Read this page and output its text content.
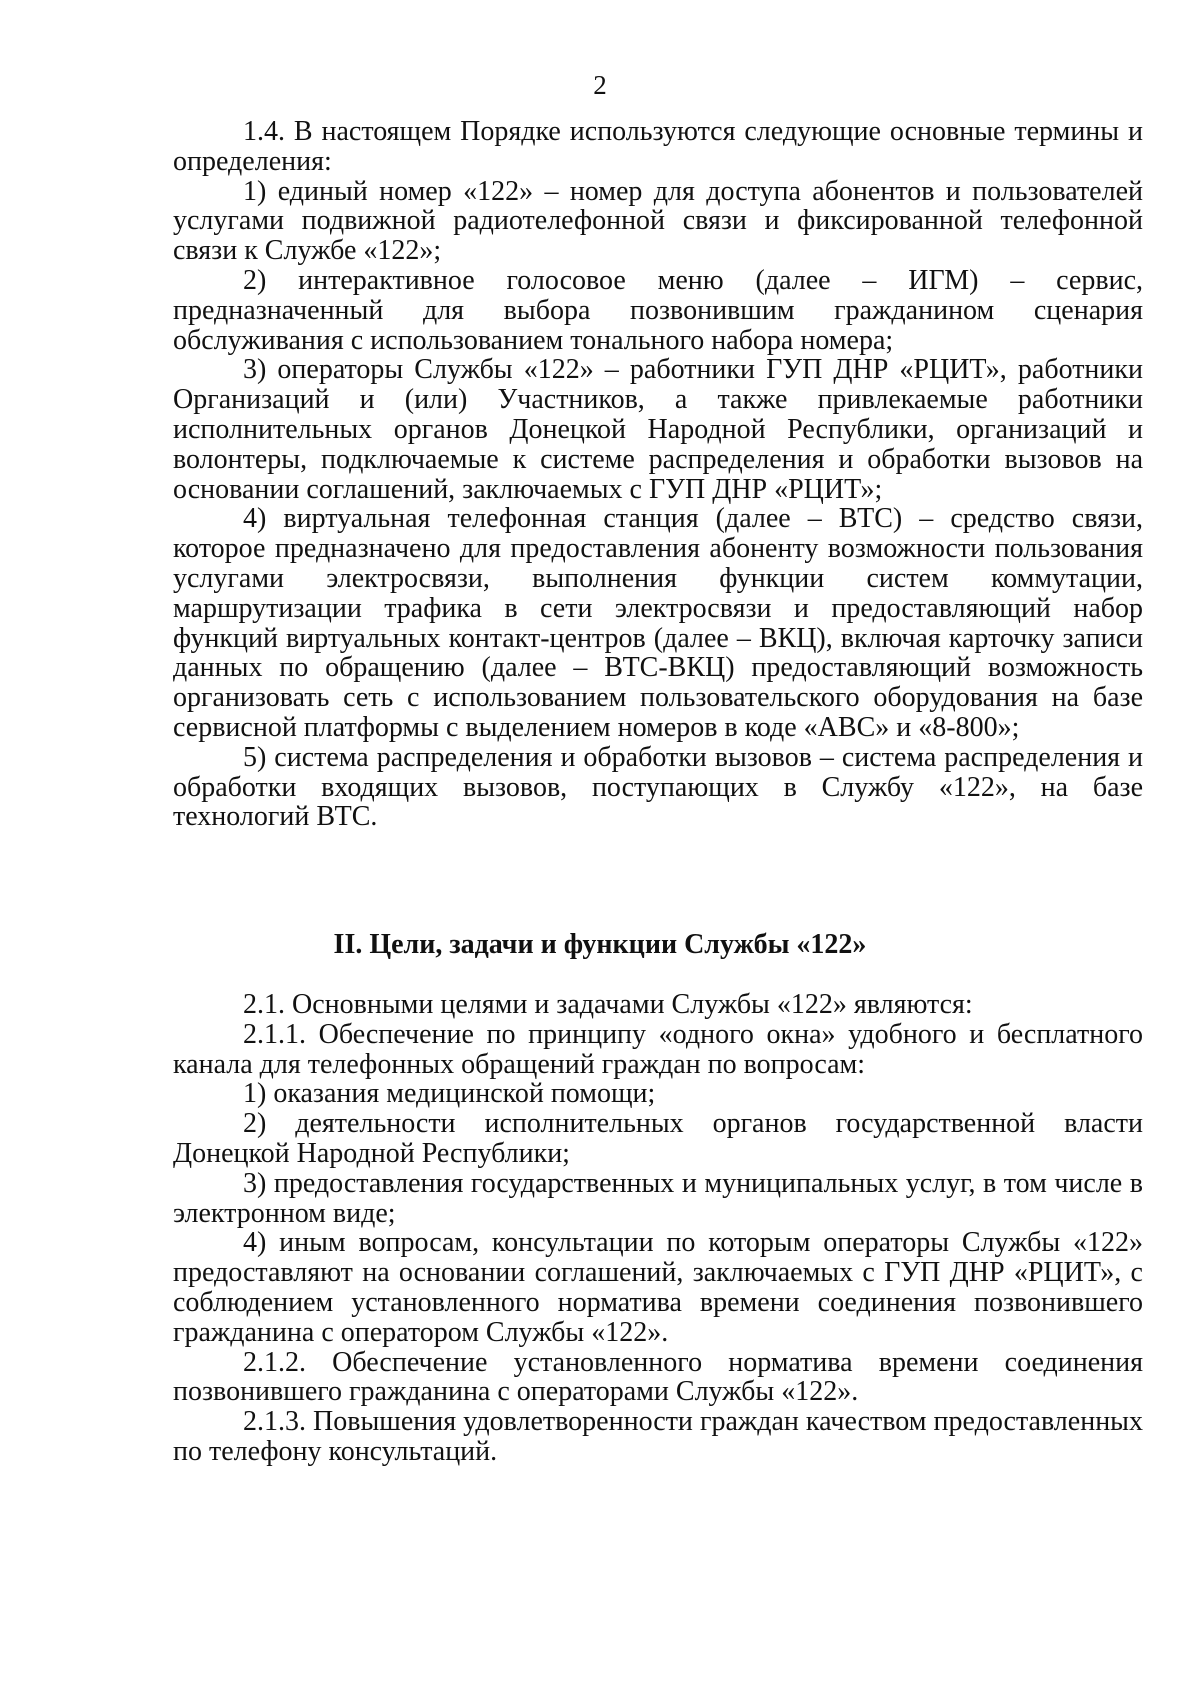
2

1.4. В настоящем Порядке используются следующие основные термины и определения:

1) единый номер «122» – номер для доступа абонентов и пользователей услугами подвижной радиотелефонной связи и фиксированной телефонной связи к Службе «122»;

2) интерактивное голосовое меню (далее – ИГМ) – сервис, предназначенный для выбора позвонившим гражданином сценария обслуживания с использованием тонального набора номера;

3) операторы Службы «122» – работники ГУП ДНР «РЦИТ», работники Организаций и (или) Участников, а также привлекаемые работники исполнительных органов Донецкой Народной Республики, организаций и волонтеры, подключаемые к системе распределения и обработки вызовов на основании соглашений, заключаемых с ГУП ДНР «РЦИТ»;

4) виртуальная телефонная станция (далее – ВТС) – средство связи, которое предназначено для предоставления абоненту возможности пользования услугами электросвязи, выполнения функции систем коммутации, маршрутизации трафика в сети электросвязи и предоставляющий набор функций виртуальных контакт-центров (далее – ВКЦ), включая карточку записи данных по обращению (далее – ВТС-ВКЦ) предоставляющий возможность организовать сеть с использованием пользовательского оборудования на базе сервисной платформы с выделением номеров в коде «АВС» и «8-800»;

5) система распределения и обработки вызовов – система распределения и обработки входящих вызовов, поступающих в Службу «122», на базе технологий ВТС.

II. Цели, задачи и функции Службы «122»

2.1. Основными целями и задачами Службы «122» являются:

2.1.1. Обеспечение по принципу «одного окна» удобного и бесплатного канала для телефонных обращений граждан по вопросам:

1) оказания медицинской помощи;

2) деятельности исполнительных органов государственной власти Донецкой Народной Республики;

3) предоставления государственных и муниципальных услуг, в том числе в электронном виде;

4) иным вопросам, консультации по которым операторы Службы «122» предоставляют на основании соглашений, заключаемых с ГУП ДНР «РЦИТ», с соблюдением установленного норматива времени соединения позвонившего гражданина с оператором Службы «122».

2.1.2. Обеспечение установленного норматива времени соединения позвонившего гражданина с операторами Службы «122».

2.1.3. Повышения удовлетворенности граждан качеством предоставленных по телефону консультаций.
